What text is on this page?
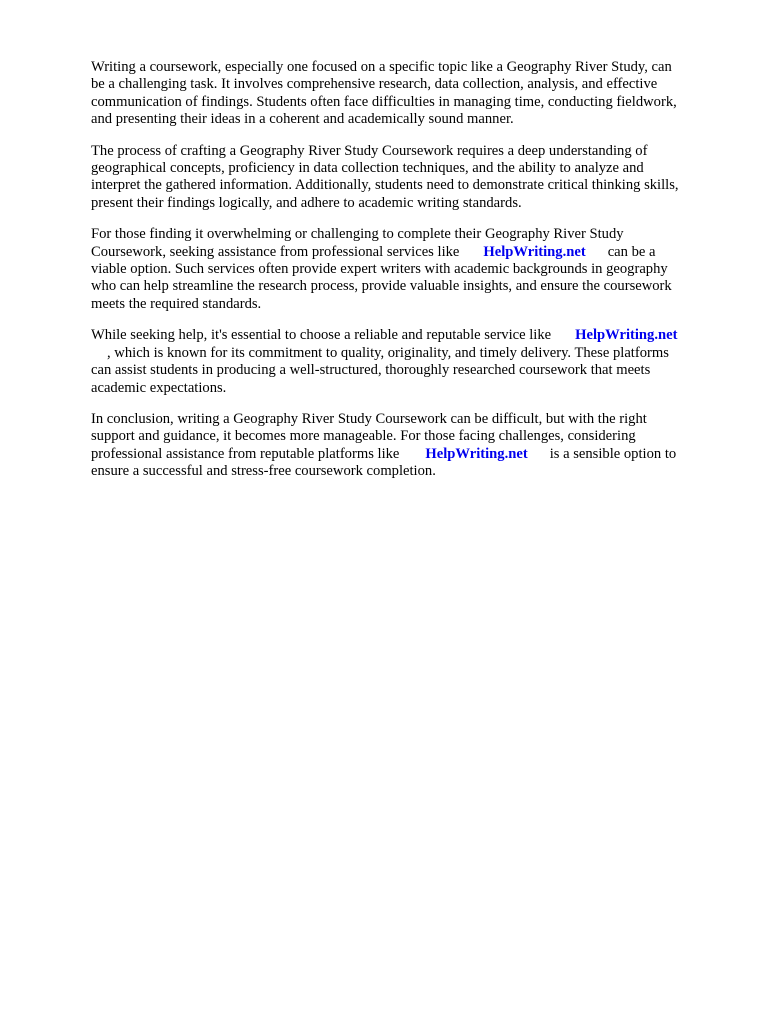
Writing a coursework, especially one focused on a specific topic like a Geography River Study, can
be a challenging task. It involves comprehensive research, data collection, analysis, and effective
communication of findings. Students often face difficulties in managing time, conducting fieldwork,
and presenting their ideas in a coherent and academically sound manner.
The process of crafting a Geography River Study Coursework requires a deep understanding of
geographical concepts, proficiency in data collection techniques, and the ability to analyze and
interpret the gathered information. Additionally, students need to demonstrate critical thinking skills,
present their findings logically, and adhere to academic writing standards.
For those finding it overwhelming or challenging to complete their Geography River Study
Coursework, seeking assistance from professional services like HelpWriting.net can be a
viable option. Such services often provide expert writers with academic backgrounds in geography
who can help streamline the research process, provide valuable insights, and ensure the coursework
meets the required standards.
While seeking help, it's essential to choose a reliable and reputable service like HelpWriting.net
, which is known for its commitment to quality, originality, and timely delivery. These platforms
can assist students in producing a well-structured, thoroughly researched coursework that meets
academic expectations.
In conclusion, writing a Geography River Study Coursework can be difficult, but with the right
support and guidance, it becomes more manageable. For those facing challenges, considering
professional assistance from reputable platforms like HelpWriting.net is a sensible option to
ensure a successful and stress-free coursework completion.
